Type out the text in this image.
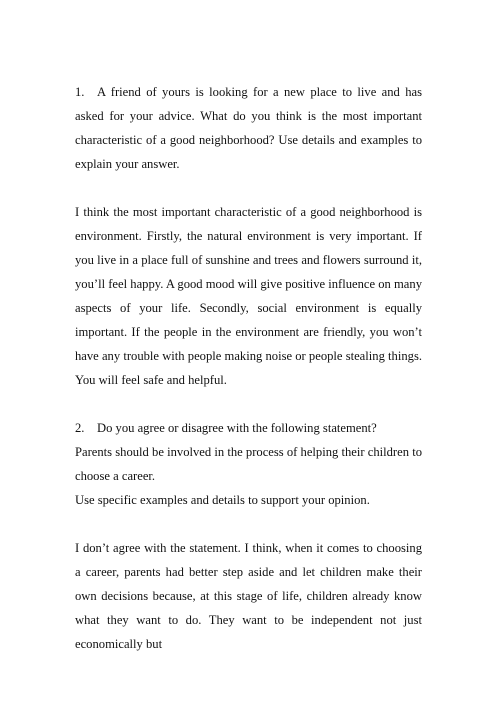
1. A friend of yours is looking for a new place to live and has asked for your advice. What do you think is the most important characteristic of a good neighborhood? Use details and examples to explain your answer.

I think the most important characteristic of a good neighborhood is environment. Firstly, the natural environment is very important. If you live in a place full of sunshine and trees and flowers surround it, you’ll feel happy. A good mood will give positive influence on many aspects of your life. Secondly, social environment is equally important. If the people in the environment are friendly, you won’t have any trouble with people making noise or people stealing things. You will feel safe and helpful.

2. Do you agree or disagree with the following statement?

Parents should be involved in the process of helping their children to choose a career.

Use specific examples and details to support your opinion.

I don’t agree with the statement. I think, when it comes to choosing a career, parents had better step aside and let children make their own decisions because, at this stage of life, children already know what they want to do. They want to be independent not just economically but
